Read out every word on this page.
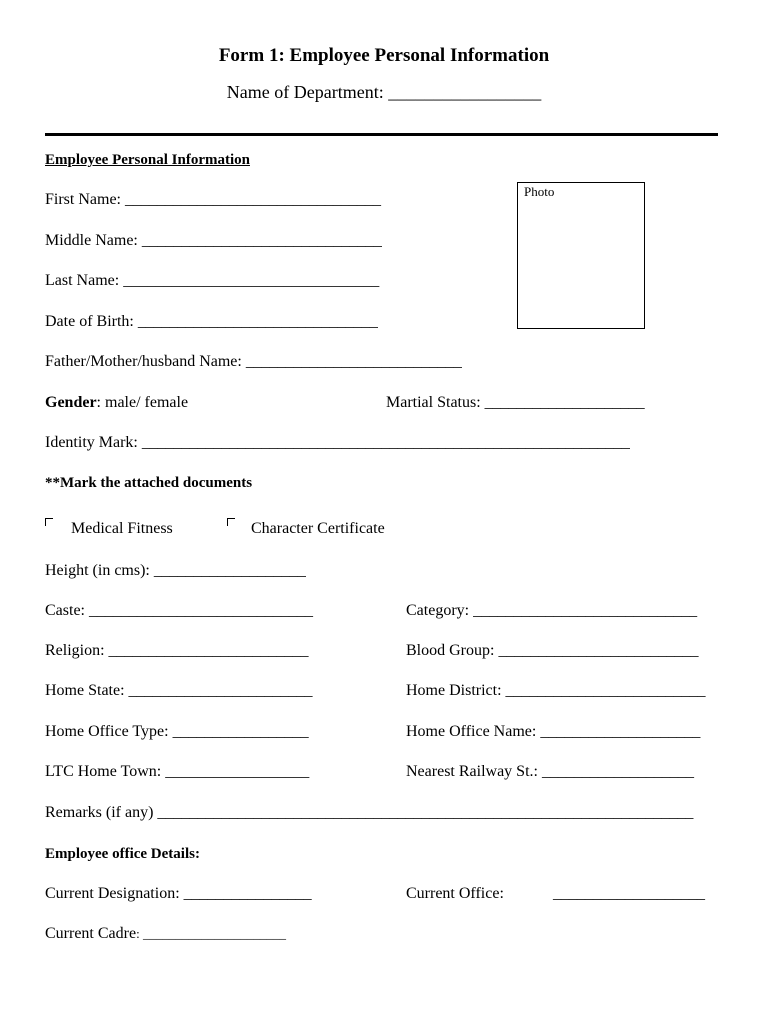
Form 1: Employee Personal Information
Name of Department: _________________
Employee Personal Information
Photo
First Name: ________________________________
Middle Name: ______________________________
Last Name: ________________________________
Date of Birth: ______________________________
Father/Mother/husband Name: ___________________________
Gender: male/ female	Martial Status: ____________________
Identity Mark: _____________________________________________________________
**Mark the attached documents
Medical Fitness	Character Certificate
Height (in cms): ___________________
Caste: ____________________________	Category: ____________________________
Religion: _________________________	Blood Group: _________________________
Home State: _______________________	Home District: _________________________
Home Office Type: _________________	Home Office Name: ____________________
LTC Home Town: __________________	Nearest Railway St.: ___________________
Remarks (if any) ___________________________________________________________________
Employee office Details:
Current Designation: ________________	Current Office:	___________________
Current Cadre: ______________________
